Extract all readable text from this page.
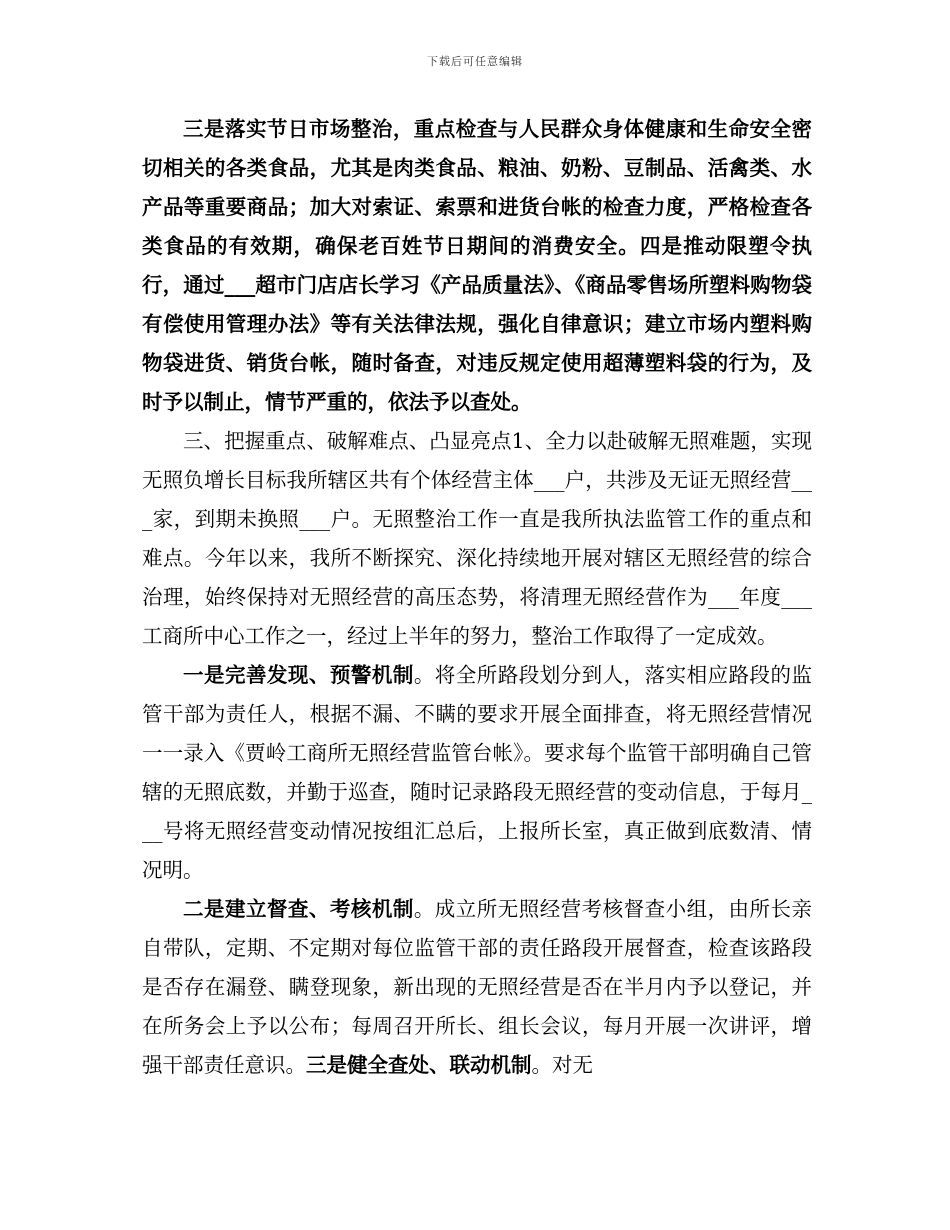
下载后可任意编辑

三是落实节日市场整治，重点检查与人民群众身体健康和生命安全密切相关的各类食品，尤其是肉类食品、粮油、奶粉、豆制品、活禽类、水产品等重要商品；加大对索证、索票和进货台帐的检查力度，严格检查各类食品的有效期，确保老百姓节日期间的消费安全。四是推动限塑令执行，通过___超市门店店长学习《产品质量法》、《商品零售场所塑料购物袋有偿使用管理办法》等有关法律法规，强化自律意识；建立市场内塑料购物袋进货、销货台帐，随时备查，对违反规定使用超薄塑料袋的行为，及时予以制止，情节严重的，依法予以查处。

三、把握重点、破解难点、凸显亮点1、全力以赴破解无照难题，实现无照负增长目标我所辖区共有个体经营主体___户，共涉及无证无照经营___家，到期未换照___户。无照整治工作一直是我所执法监管工作的重点和难点。今年以来，我所不断探究、深化持续地开展对辖区无照经营的综合治理，始终保持对无照经营的高压态势，将清理无照经营作为___年度___工商所中心工作之一，经过上半年的努力，整治工作取得了一定成效。

一是完善发现、预警机制。将全所路段划分到人，落实相应路段的监管干部为责任人，根据不漏、不瞒的要求开展全面排查，将无照经营情况一一录入《贾岭工商所无照经营监管台帐》。要求每个监管干部明确自己管辖的无照底数，并勤于巡查，随时记录路段无照经营的变动信息，于每月___号将无照经营变动情况按组汇总后，上报所长室，真正做到底数清、情况明。

二是建立督查、考核机制。成立所无照经营考核督查小组，由所长亲自带队，定期、不定期对每位监管干部的责任路段开展督查，检查该路段是否存在漏登、瞒登现象，新出现的无照经营是否在半月内予以登记，并在所务会上予以公布；每周召开所长、组长会议，每月开展一次讲评，增强干部责任意识。三是健全查处、联动机制。对无
